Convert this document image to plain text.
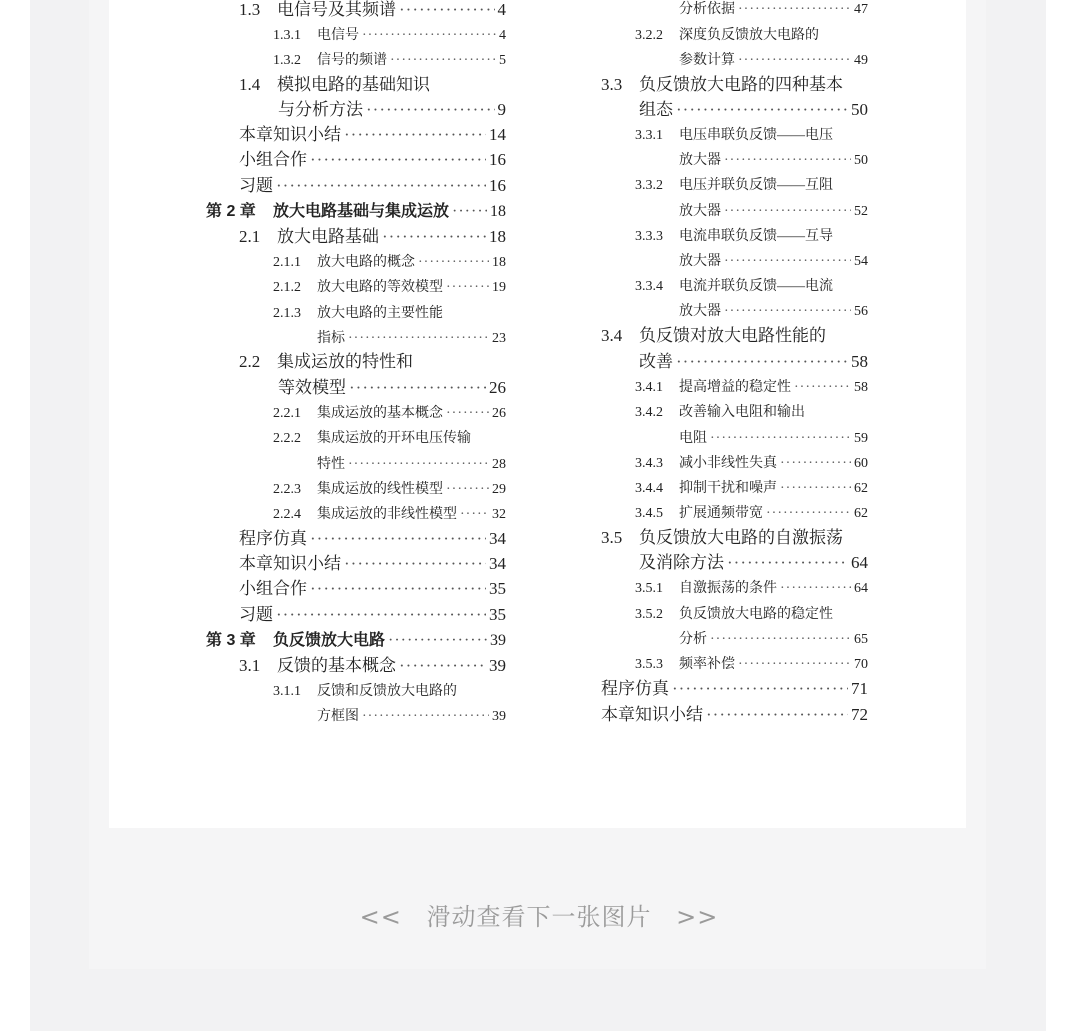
1.3 电信号及其频谱 ·····	4
1.3.1	电信号 ·····	4
1.3.2	信号的频谱 ·····	5
1.4 模拟电路的基础知识
与分析方法 ·····	9
本章知识小结 ·····	14
小组合作 ·····	16
习题 ·····	16
第 2 章	放大电路基础与集成运放 ·····	18
2.1 放大电路基础 ·····	18
2.1.1	放大电路的概念 ·····	18
2.1.2	放大电路的等效模型 ·····	19
2.1.3	放大电路的主要性能
指标 ·····	23
2.2 集成运放的特性和
等效模型 ·····	26
2.2.1	集成运放的基本概念 ·····	26
2.2.2	集成运放的开环电压传输
特性 ·····	28
2.2.3	集成运放的线性模型 ·····	29
2.2.4	集成运放的非线性模型 ·····	32
程序仿真 ·····	34
本章知识小结 ·····	34
小组合作 ·····	35
习题 ·····	35
第 3 章	负反馈放大电路 ·····	39
3.1 反馈的基本概念 ·····	39
3.1.1	反馈和反馈放大电路的
方框图 ·····	39
分析依据 ·····	47
3.2.2	深度负反馈放大电路的
参数计算 ·····	49
3.3 负反馈放大电路的四种基本
组态 ·····	50
3.3.1	电压串联负反馈——电压
放大器 ·····	50
3.3.2	电压并联负反馈——互阻
放大器 ·····	52
3.3.3	电流串联负反馈——互导
放大器 ·····	54
3.3.4	电流并联负反馈——电流
放大器 ·····	56
3.4 负反馈对放大电路性能的
改善 ·····	58
3.4.1	提高增益的稳定性 ·····	58
3.4.2	改善输入电阻和输出
电阻 ·····	59
3.4.3	减小非线性失真 ·····	60
3.4.4	抑制干扰和噪声 ·····	62
3.4.5	扩展通频带宽 ·····	62
3.5 负反馈放大电路的自激振荡
及消除方法 ·····	64
3.5.1	自激振荡的条件 ·····	64
3.5.2	负反馈放大电路的稳定性
分析 ·····	65
3.5.3	频率补偿 ·····	70
程序仿真 ·····	71
本章知识小结 ·····	72
<< 滑动查看下一张图片 >>
